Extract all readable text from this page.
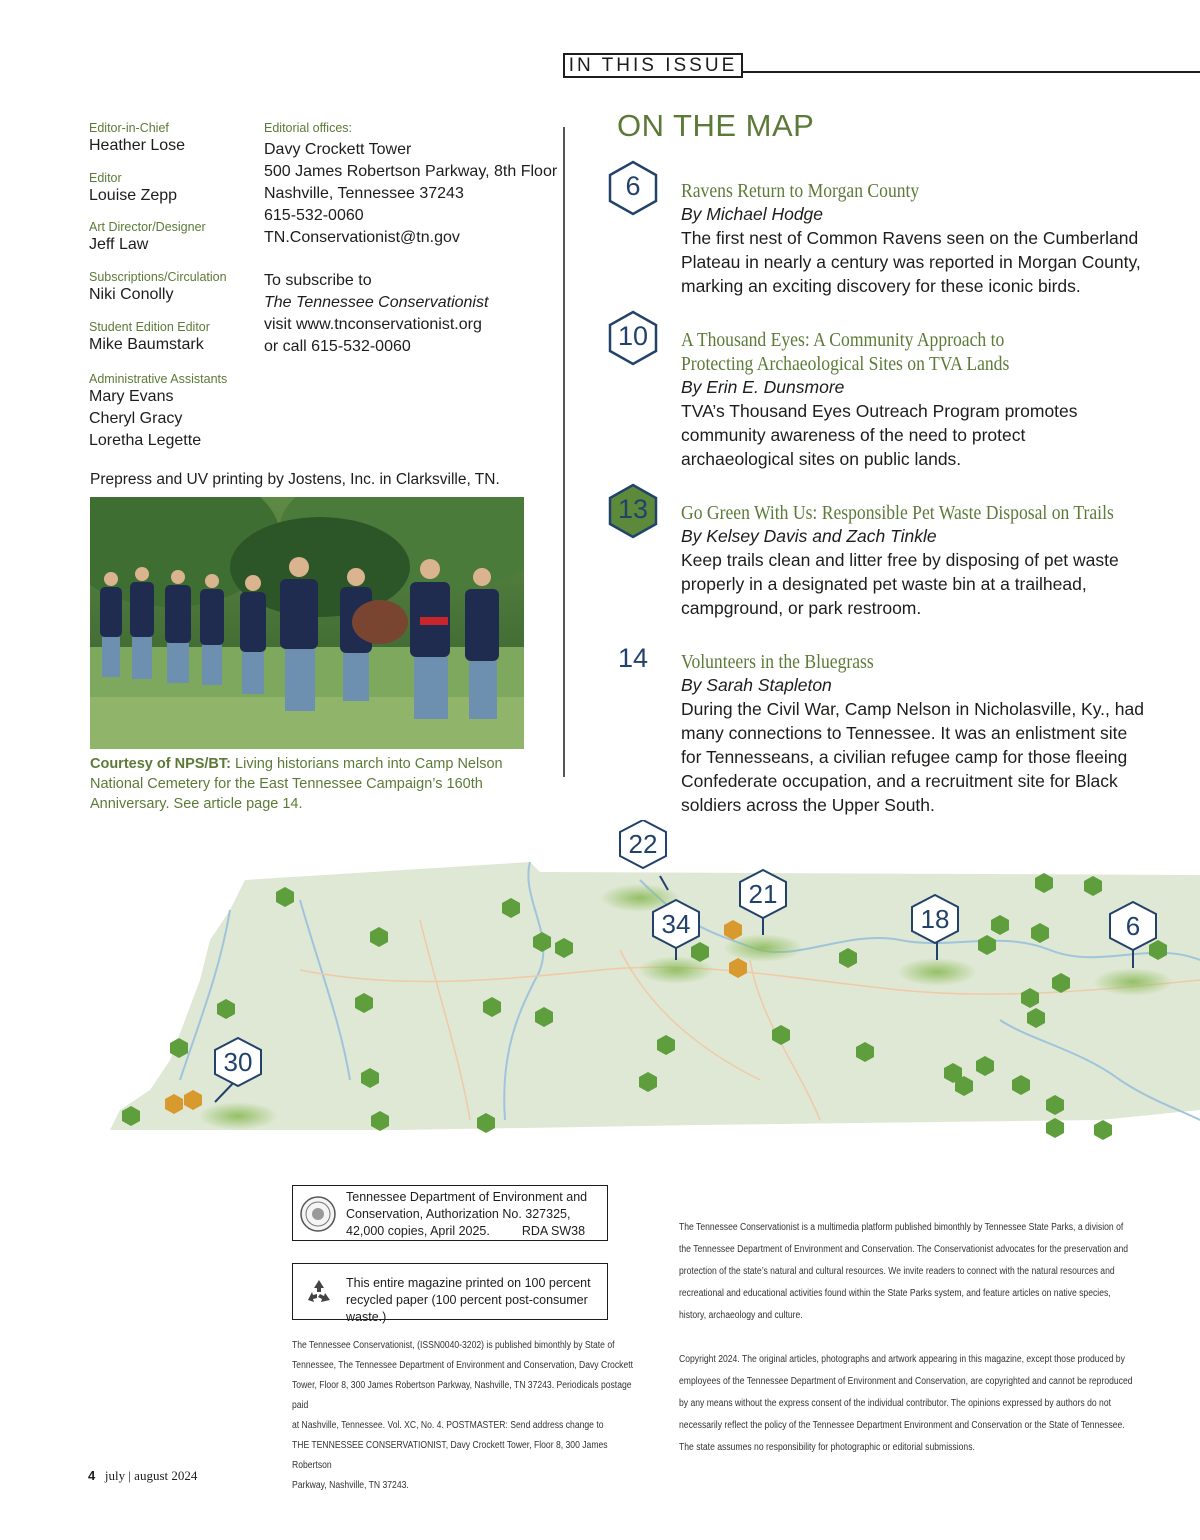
IN THIS ISSUE
Editor-in-Chief
Heather Lose
Editor
Louise Zepp
Art Director/Designer
Jeff Law
Subscriptions/Circulation
Niki Conolly
Student Edition Editor
Mike Baumstark
Administrative Assistants
Mary Evans
Cheryl Gracy
Loretha Legette
Editorial offices:
Davy Crockett Tower
500 James Robertson Parkway, 8th Floor
Nashville, Tennessee 37243
615-532-0060
TN.Conservationist@tn.gov
To subscribe to
The Tennessee Conservationist
visit www.tnconservationist.org
or call 615-532-0060
Prepress and UV printing by Jostens, Inc. in Clarksville, TN.
Courtesy of NPS/BT: Living historians march into Camp Nelson National Cemetery for the East Tennessee Campaign’s 160th Anniversary. See article page 14.
ON THE MAP
6	Ravens Return to Morgan County
By Michael Hodge
The first nest of Common Ravens seen on the Cumberland
Plateau in nearly a century was reported in Morgan County,
marking an exciting discovery for these iconic birds.
10	A Thousand Eyes: A Community Approach to
Protecting Archaeological Sites on TVA Lands
By Erin E. Dunsmore
TVA’s Thousand Eyes Outreach Program promotes
community awareness of the need to protect
archaeological sites on public lands.
13	Go Green With Us: Responsible Pet Waste Disposal on Trails
By Kelsey Davis and Zach Tinkle
Keep trails clean and litter free by disposing of pet waste
properly in a designated pet waste bin at a trailhead,
campground, or park restroom.
14	Volunteers in the Bluegrass
By Sarah Stapleton
During the Civil War, Camp Nelson in Nicholasville, Ky., had
many connections to Tennessee. It was an enlistment site
for Tennesseans, a civilian refugee camp for those fleeing
Confederate occupation, and a recruitment site for Black
soldiers across the Upper South.
22
34
21
18	6
30
Tennessee Department of Environment and
Conservation, Authorization No. 327325,
42,000 copies, April 2025.	RDA SW38
This entire magazine printed on 100 percent
recycled paper (100 percent post-consumer waste.)
The Tennessee Conservationist, (ISSN0040-3202) is published bimonthly by State of
Tennessee, The Tennessee Department of Environment and Conservation, Davy Crockett
Tower, Floor 8, 300 James Robertson Parkway, Nashville, TN 37243. Periodicals postage paid
at Nashville, Tennessee. Vol. XC, No. 4. POSTMASTER: Send address change to
THE TENNESSEE CONSERVATIONIST, Davy Crockett Tower, Floor 8, 300 James Robertson
Parkway, Nashville, TN 37243.
The Tennessee Conservationist is a multimedia platform published bimonthly by Tennessee State Parks, a division of
the Tennessee Department of Environment and Conservation. The Conservationist advocates for the preservation and
protection of the state’s natural and cultural resources. We invite readers to connect with the natural resources and
recreational and educational activities found within the State Parks system, and feature articles on native species,
history, archaeology and culture.
Copyright 2024. The original articles, photographs and artwork appearing in this magazine, except those produced by
employees of the Tennessee Department of Environment and Conservation, are copyrighted and cannot be reproduced
by any means without the express consent of the individual contributor. The opinions expressed by authors do not
necessarily reflect the policy of the Tennessee Department Environment and Conservation or the State of Tennessee.
The state assumes no responsibility for photographic or editorial submissions.
4 july | august 2024
